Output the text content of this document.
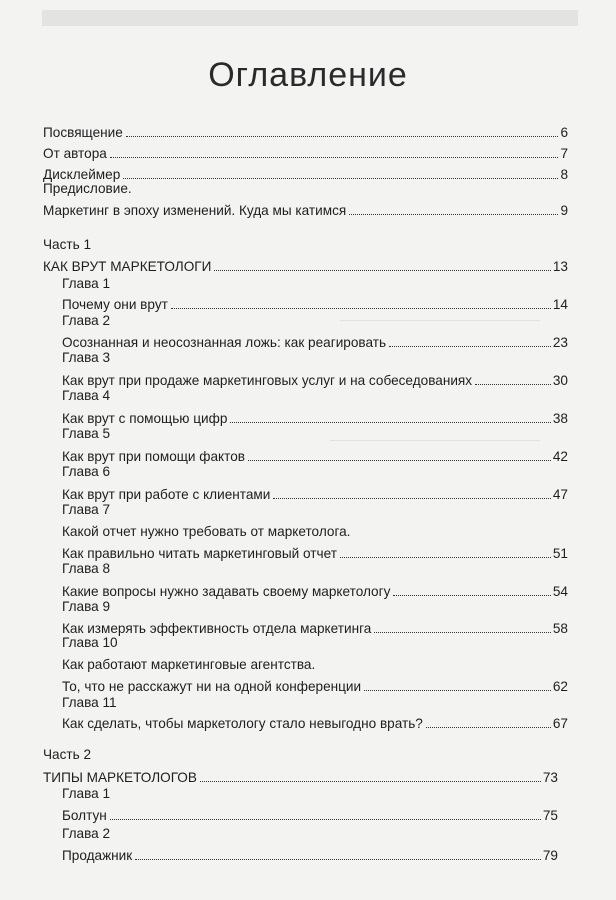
Оглавление
Посвящение	6
От автора	7
Дисклеймер	8
Предисловие.
Маркетинг в эпоху изменений. Куда мы катимся	9
Часть 1
КАК ВРУТ МАРКЕТОЛОГИ	13
Глава 1
Почему они врут	14
Глава 2
Осознанная и неосознанная ложь: как реагировать	23
Глава 3
Как врут при продаже маркетинговых услуг и на собеседованиях	30
Глава 4
Как врут с помощью цифр	38
Глава 5
Как врут при помощи фактов	42
Глава 6
Как врут при работе с клиентами	47
Глава 7
Какой отчет нужно требовать от маркетолога.
Как правильно читать маркетинговый отчет	51
Глава 8
Какие вопросы нужно задавать своему маркетологу	54
Глава 9
Как измерять эффективность отдела маркетинга	58
Глава 10
Как работают маркетинговые агентства.
То, что не расскажут ни на одной конференции	62
Глава 11
Как сделать, чтобы маркетологу стало невыгодно врать?	67
Часть 2
ТИПЫ МАРКЕТОЛОГОВ	73
Глава 1
Болтун	75
Глава 2
Продажник	79
